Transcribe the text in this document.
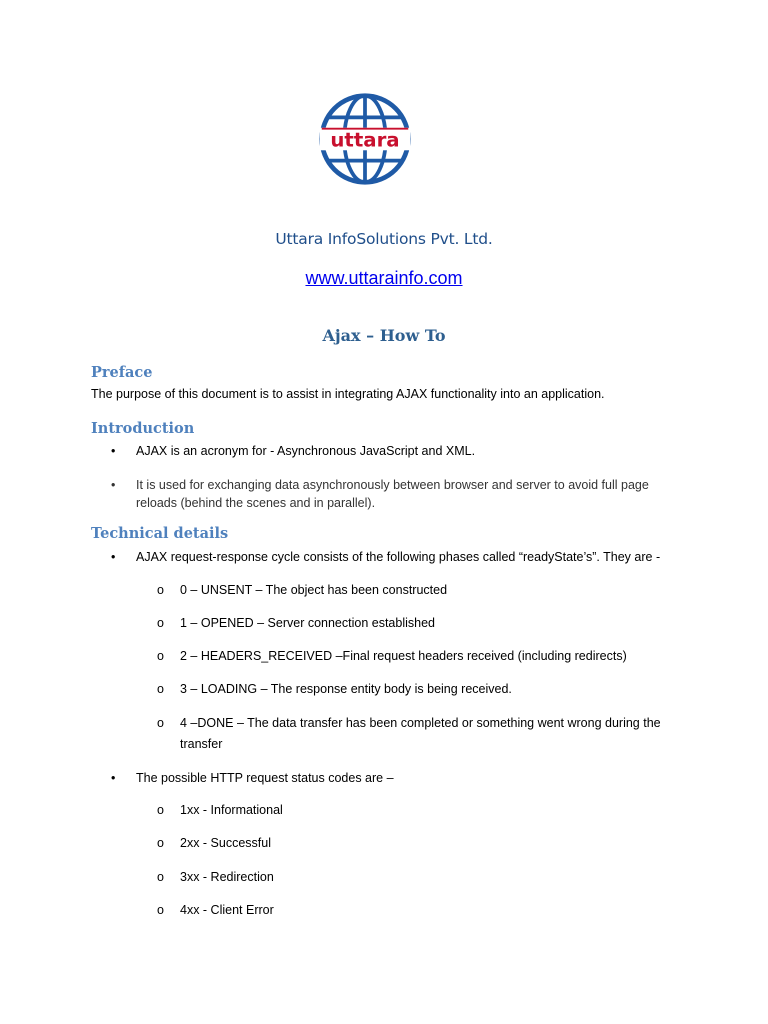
uttara
Uttara InfoSolutions Pvt. Ltd.
www.uttarainfo.com
Ajax – How To
Preface
The purpose of this document is to assist in integrating AJAX functionality into an application.
Introduction
•	AJAX is an acronym for - Asynchronous JavaScript and XML.
•	It is used for exchanging data asynchronously between browser and server to avoid full page reloads (behind the scenes and in parallel).
Technical details
•	AJAX request-response cycle consists of the following phases called “readyState’s”. They are -
o	0 – UNSENT – The object has been constructed
o	1 – OPENED – Server connection established
o	2 – HEADERS_RECEIVED –Final request headers received (including redirects)
o	3 – LOADING – The response entity body is being received.
o	4 –DONE – The data transfer has been completed or something went wrong during the transfer
•	The possible HTTP request status codes are –
o	1xx - Informational
o	2xx - Successful
o	3xx - Redirection
o	4xx - Client Error
